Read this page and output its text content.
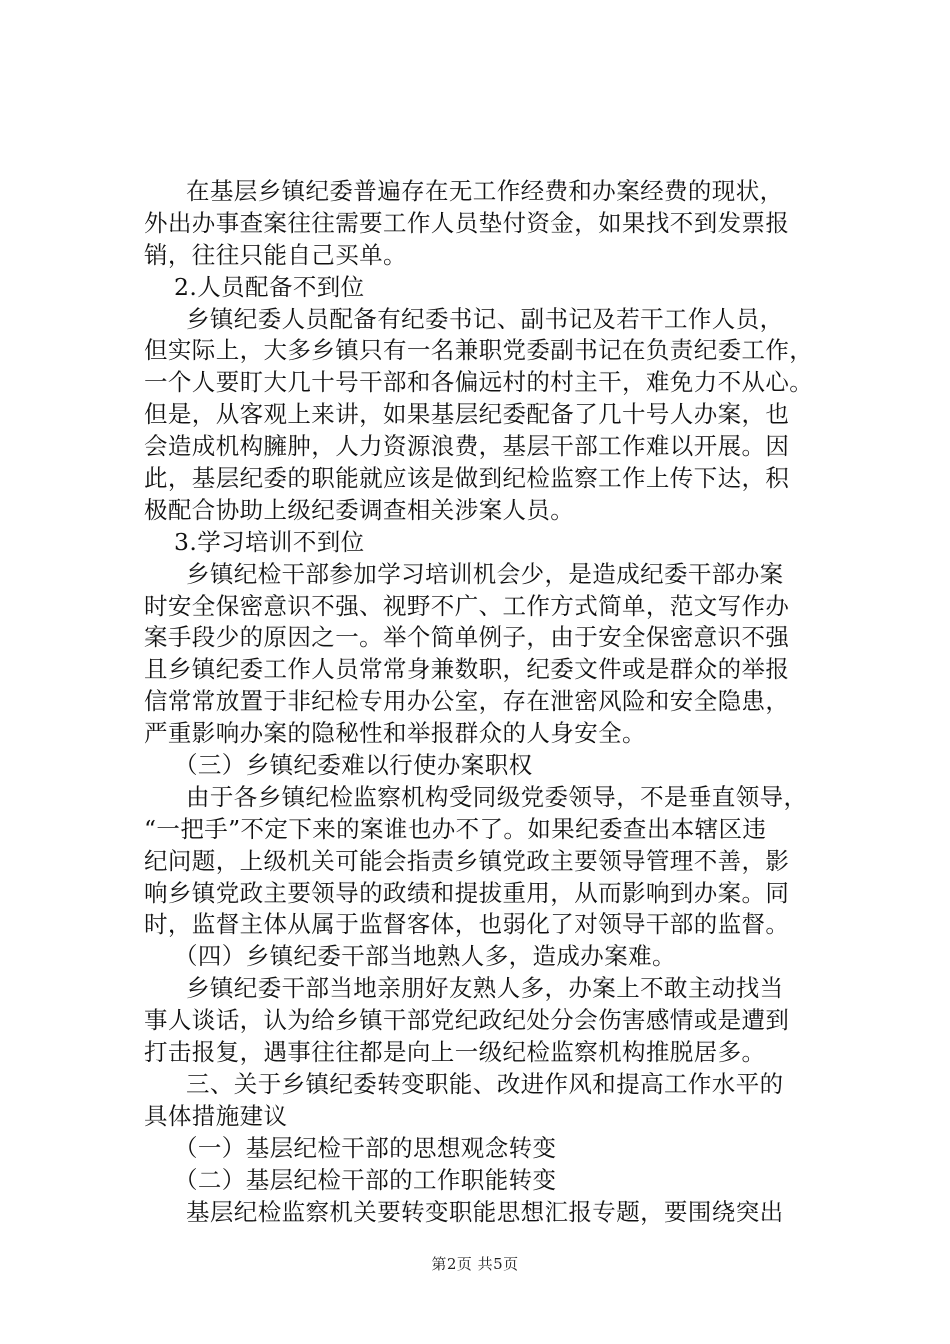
在基层乡镇纪委普遍存在无工作经费和办案经费的现状，
外出办事查案往往需要工作人员垫付资金，如果找不到发票报
销，往往只能自己买单。
2.人员配备不到位
乡镇纪委人员配备有纪委书记、副书记及若干工作人员，
但实际上，大多乡镇只有一名兼职党委副书记在负责纪委工作，
一个人要盯大几十号干部和各偏远村的村主干，难免力不从心。
但是，从客观上来讲，如果基层纪委配备了几十号人办案，也
会造成机构臃肿，人力资源浪费，基层干部工作难以开展。因
此，基层纪委的职能就应该是做到纪检监察工作上传下达，积
极配合协助上级纪委调查相关涉案人员。
3.学习培训不到位
乡镇纪检干部参加学习培训机会少，是造成纪委干部办案
时安全保密意识不强、视野不广、工作方式简单，范文写作办
案手段少的原因之一。举个简单例子，由于安全保密意识不强
且乡镇纪委工作人员常常身兼数职，纪委文件或是群众的举报
信常常放置于非纪检专用办公室，存在泄密风险和安全隐患，
严重影响办案的隐秘性和举报群众的人身安全。
（三）乡镇纪委难以行使办案职权
由于各乡镇纪检监察机构受同级党委领导，不是垂直领导，
“一把手”不定下来的案谁也办不了。如果纪委查出本辖区违
纪问题，上级机关可能会指责乡镇党政主要领导管理不善，影
响乡镇党政主要领导的政绩和提拔重用，从而影响到办案。同
时，监督主体从属于监督客体，也弱化了对领导干部的监督。
（四）乡镇纪委干部当地熟人多，造成办案难。
乡镇纪委干部当地亲朋好友熟人多，办案上不敢主动找当
事人谈话，认为给乡镇干部党纪政纪处分会伤害感情或是遭到
打击报复，遇事往往都是向上一级纪检监察机构推脱居多。
三、关于乡镇纪委转变职能、改进作风和提高工作水平的
具体措施建议
（一）基层纪检干部的思想观念转变
（二）基层纪检干部的工作职能转变
基层纪检监察机关要转变职能思想汇报专题，要围绕突出
第2页 共5页
